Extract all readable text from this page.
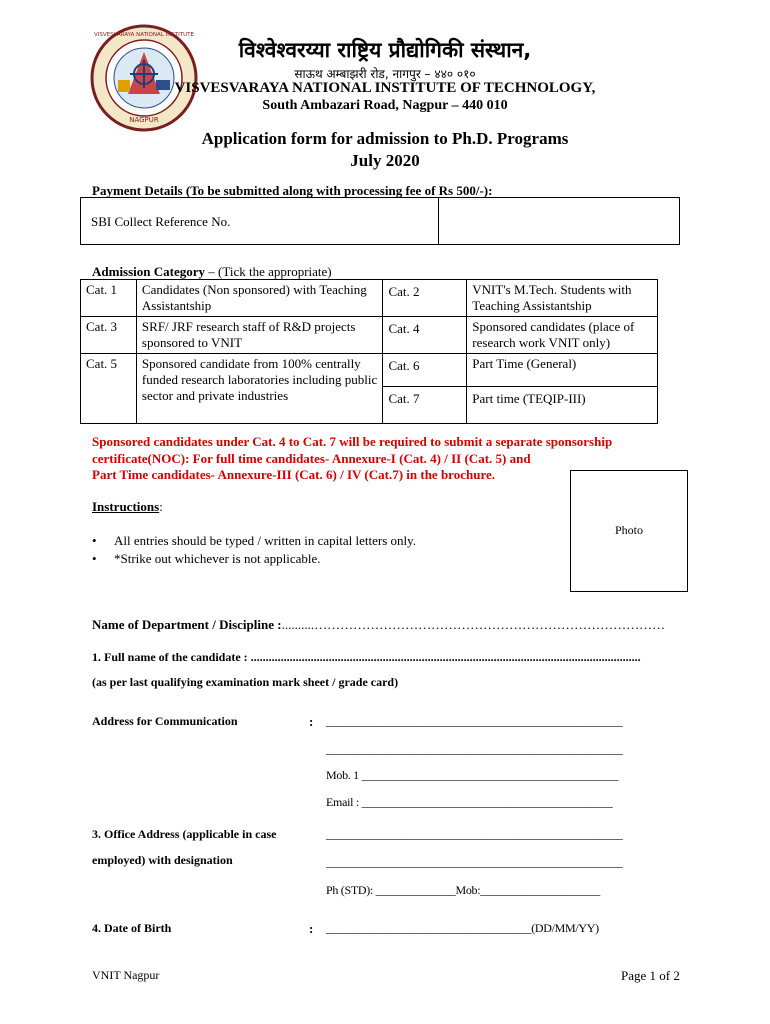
NAGPUR
VISVESVARAYA NATIONAL INSTITUTE
विश्वेश्वरय्या राष्ट्रिय प्रौद्योगिकी संस्थान,
साऊथ अम्बाझरी रोड, नागपुर – ४४० ०१०
VISVESVARAYA NATIONAL INSTITUTE OF TECHNOLOGY,
South Ambazari Road, Nagpur – 440 010
Application form for admission to Ph.D. Programs
July 2020
Payment Details (To be submitted along with processing fee of Rs 500/-):
SBI Collect Reference No.
Admission Category – (Tick the appropriate)
Cat. 1	Candidates (Non sponsored) with Teaching Assistantship	Cat. 2	VNIT's M.Tech. Students with Teaching Assistantship
Cat. 3	SRF/ JRF research staff of R&D projects sponsored to VNIT	Cat. 4	Sponsored candidates (place of research work VNIT only)
Cat. 5	Sponsored candidate from 100% centrally funded research laboratories including public sector and private industries	Cat. 6	Part Time (General)
		Cat. 7	Part time (TEQIP-III)
Sponsored candidates under Cat. 4 to Cat. 7 will be required to submit a separate sponsorship
certificate(NOC): For full time candidates- Annexure-I (Cat. 4) / II (Cat. 5) and
Part Time candidates- Annexure-III (Cat. 6) / IV (Cat.7) in the brochure.
Photo
Instructions:
• All entries should be typed / written in capital letters only.
• *Strike out whichever is not applicable.
Name of Department / Discipline :..........………………………………………………………………………
1. Full name of the candidate : ..................................................................................................................................
(as per last qualifying examination mark sheet / grade card)
Address for Communication	: ____________________________________________________
____________________________________________________
Mob. 1 _____________________________________________
Email : ____________________________________________
3. Office Address (applicable in case
employed) with designation
____________________________________________________
____________________________________________________
Ph (STD): ______________Mob:_____________________
4. Date of Birth	: ____________________________________(DD/MM/YY)
VNIT Nagpur	Page 1 of 2
